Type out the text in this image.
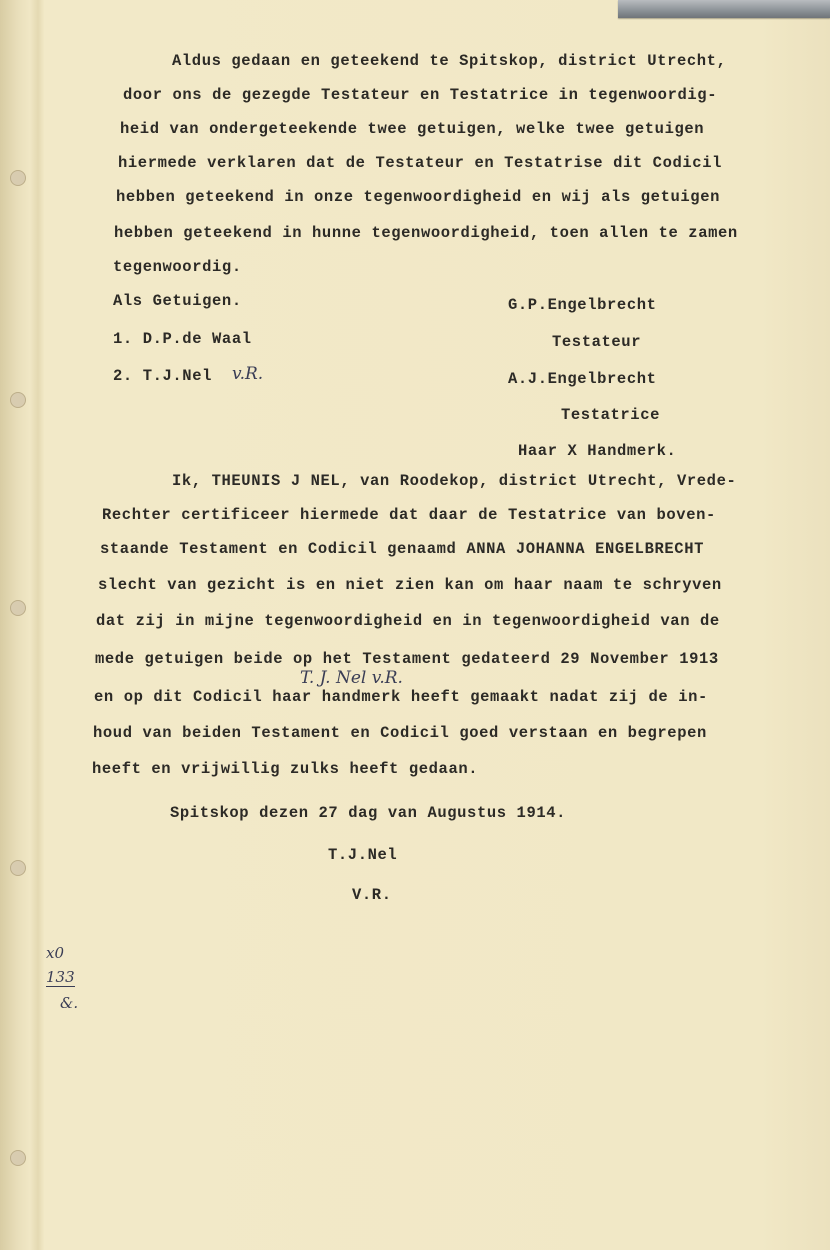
Aldus gedaan en geteekend te Spitskop, district Utrecht,
door ons de gezegde Testateur en Testatrice in tegenwoordig-
heid van ondergeteekende twee getuigen, welke twee getuigen
hiermede verklaren dat de Testateur en Testatrise dit Codicil
hebben geteekend in onze tegenwoordigheid en wij als getuigen
hebben geteekend in hunne tegenwoordigheid, toen allen te zamen
tegenwoordig.
Als Getuigen.
1. D.P.de Waal
2. T.J.Nel v.R.
G.P.Engelbrecht
Testateur
A.J.Engelbrecht
Testatrice
Haar X Handmerk.
Ik, THEUNIS J NEL, van Roodekop, district Utrecht, Vrede-
Rechter certificeer hiermede dat daar de Testatrice van boven-
staande Testament en Codicil genaamd ANNA JOHANNA ENGELBRECHT
slecht van gezicht is en niet zien kan om haar naam te schryven
dat zij in mijne tegenwoordigheid en in tegenwoordigheid van de
mede getuigen beide op het Testament gedateerd 29 November 1913
T. J. Nel v.R.
en op dit Codicil haar handmerk heeft gemaakt nadat zij de in-
houd van beiden Testament en Codicil goed verstaan en begrepen
heeft en vrijwillig zulks heeft gedaan.
Spitskop dezen 27 dag van Augustus 1914.
T.J.Nel
V.R.
x0
133
&.
